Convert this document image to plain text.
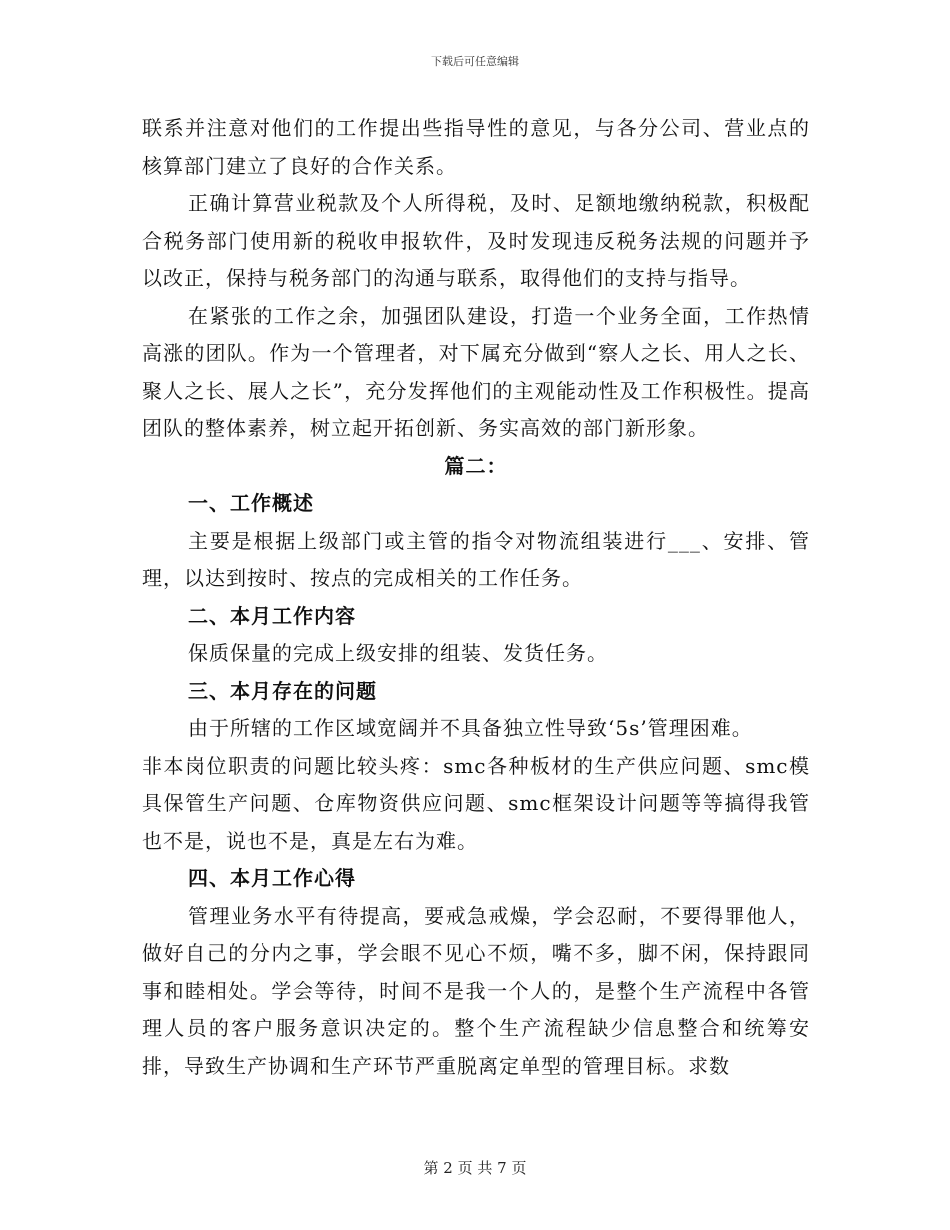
下载后可任意编辑

联系并注意对他们的工作提出些指导性的意见，与各分公司、营业点的核算部门建立了良好的合作关系。

正确计算营业税款及个人所得税，及时、足额地缴纳税款，积极配合税务部门使用新的税收申报软件，及时发现违反税务法规的问题并予以改正，保持与税务部门的沟通与联系，取得他们的支持与指导。

在紧张的工作之余，加强团队建设，打造一个业务全面，工作热情高涨的团队。作为一个管理者，对下属充分做到“察人之长、用人之长、聚人之长、展人之长”，充分发挥他们的主观能动性及工作积极性。提高团队的整体素养，树立起开拓创新、务实高效的部门新形象。

篇二：

一、工作概述

主要是根据上级部门或主管的指令对物流组装进行___、安排、管理，以达到按时、按点的完成相关的工作任务。

二、本月工作内容

保质保量的完成上级安排的组装、发货任务。

三、本月存在的问题

由于所辖的工作区域宽阔并不具备独立性导致‘5s’管理困难。

非本岗位职责的问题比较头疼：smc各种板材的生产供应问题、smc模具保管生产问题、仓库物资供应问题、smc框架设计问题等等搞得我管也不是，说也不是，真是左右为难。

四、本月工作心得

管理业务水平有待提高，要戒急戒燥，学会忍耐，不要得罪他人，做好自己的分内之事，学会眼不见心不烦，嘴不多，脚不闲，保持跟同事和睦相处。学会等待，时间不是我一个人的，是整个生产流程中各管理人员的客户服务意识决定的。整个生产流程缺少信息整合和统筹安排，导致生产协调和生产环节严重脱离定单型的管理目标。求数

第 2 页 共 7 页
